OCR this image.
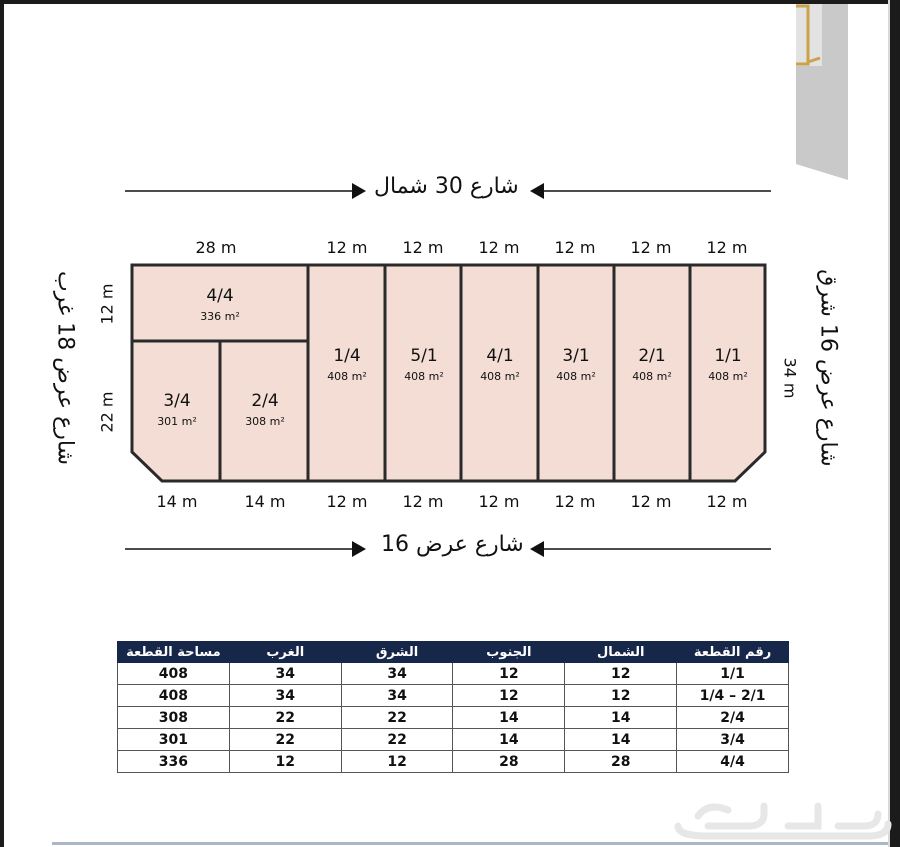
شارع 30 شمال
شارع عرض 16
شارع عرض 18 غرب
شارع عرض 16 شرق
28 m	12 m 12 m 12 m 12 m 12 m 12 m
14 m	14 m	12 m 12 m 12 m 12 m 12 m 12 m
12 m
22 m
34 m
4/4
336 m²
3/4
301 m²
2/4
308 m²
1/4
408 m²
5/1
408 m²
4/1
408 m²
3/1
408 m²
2/1
408 m²
1/1
408 m²
مساحة القطعة	الغرب	الشرق	الجنوب	الشمال	رقم القطعة
408	34	34	12	12	1/1
408	34	34	12	12	1/4 – 2/1
308	22	22	14	14	2/4
301	22	22	14	14	3/4
336	12	12	28	28	4/4
